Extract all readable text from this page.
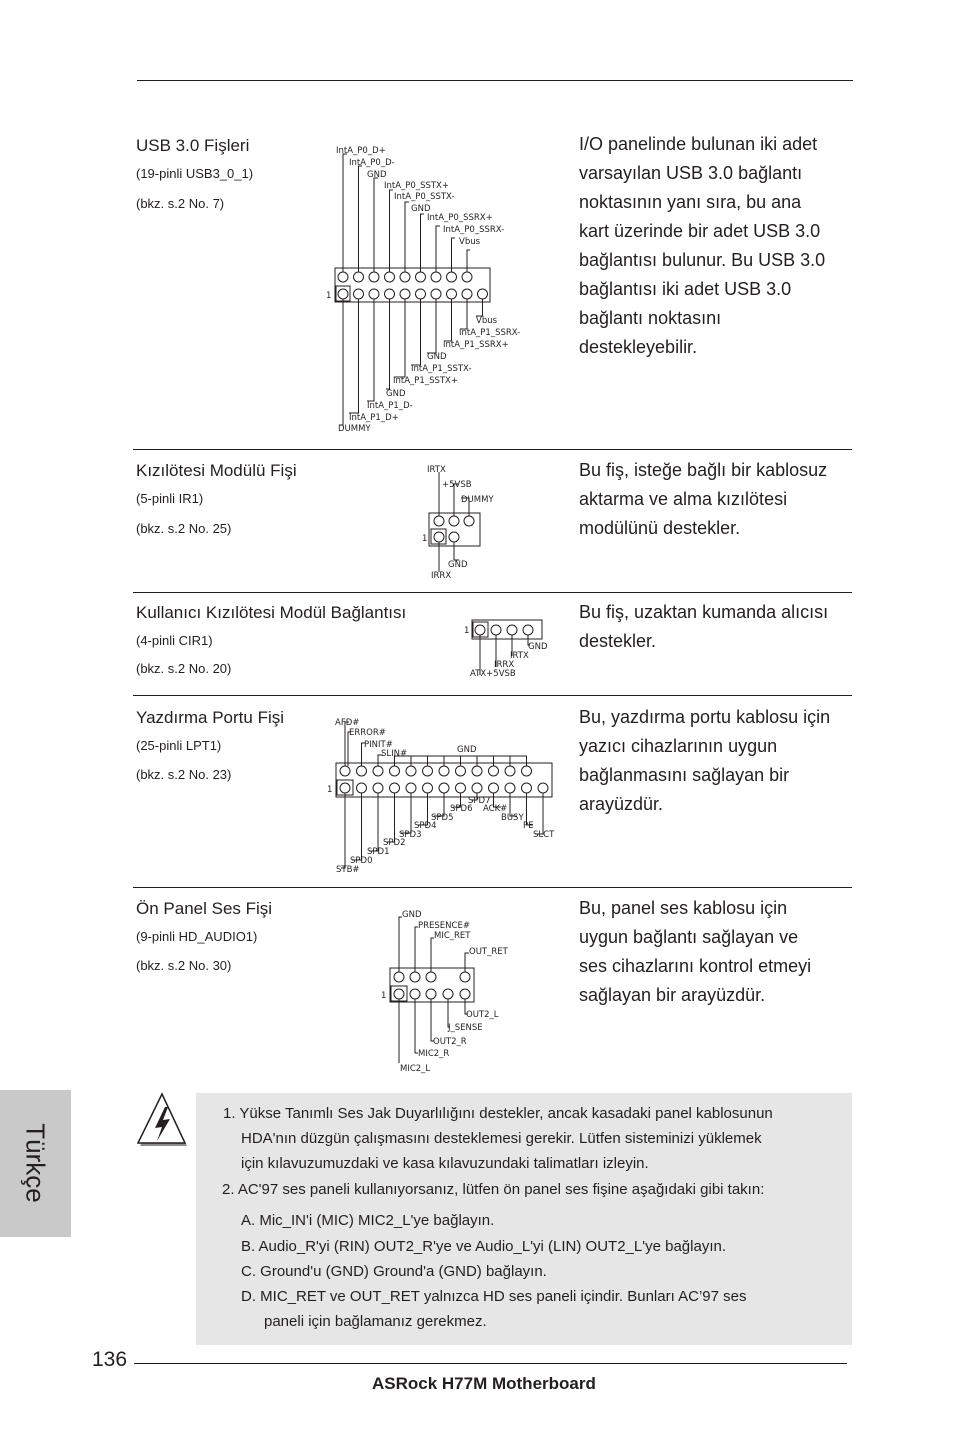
USB 3.0 Fişleri
(19-pinli USB3_0_1)
(bkz. s.2 No. 7)
I/O panelinde bulunan iki adet
varsayılan USB 3.0 bağlantı
noktasının yanı sıra, bu ana
kart üzerinde bir adet USB 3.0
bağlantısı bulunur. Bu USB 3.0
bağlantısı iki adet USB 3.0
bağlantı noktasını
destekleyebilir.
1
IntA_P0_D+
IntA_P0_D-
GND
IntA_P0_SSTX+
IntA_P0_SSTX-
GND
IntA_P0_SSRX+
IntA_P0_SSRX-
Vbus
Vbus
IntA_P1_SSRX-
IntA_P1_SSRX+
GND
IntA_P1_SSTX-
IntA_P1_SSTX+
GND
IntA_P1_D-
IntA_P1_D+
DUMMY
Kızılötesi Modülü Fişi
(5-pinli IR1)
(bkz. s.2 No. 25)
Bu fiş, isteğe bağlı bir kablosuz
aktarma ve alma kızılötesi
modülünü destekler.
1
IRTX
+5VSB
DUMMY
GND
IRRX
Kullanıcı Kızılötesi Modül Bağlantısı
(4-pinli CIR1)
(bkz. s.2 No. 20)
Bu fiş, uzaktan kumanda alıcısı
destekler.
1
GND
IRTX
IRRX
ATX+5VSB
Yazdırma Portu Fişi
(25-pinli LPT1)
(bkz. s.2 No. 23)
Bu, yazdırma portu kablosu için
yazıcı cihazlarının uygun
bağlanmasını sağlayan bir
arayüzdür.
1
AFD#
ERROR#
PINIT#
SLIN#	GND
SPD7
SPD6 ACK#
SPD5	BUSY
SPD4	PE
SPD3	SLCT
SPD2
SPD1
SPD0
STB#
Ön Panel Ses Fişi
(9-pinli HD_AUDIO1)
(bkz. s.2 No. 30)
Bu, panel ses kablosu için
uygun bağlantı sağlayan ve
ses cihazlarını kontrol etmeyi
sağlayan bir arayüzdür.
1
GND
PRESENCE#
MIC_RET
OUT_RET
OUT2_L
J_SENSE
OUT2_R
MIC2_R
MIC2_L
Türkçe
1. Yükse Tanımlı Ses Jak Duyarlılığını destekler, ancak kasadaki panel kablosunun
HDA'nın düzgün çalışmasını desteklemesi gerekir. Lütfen sisteminizi yüklemek
için kılavuzumuzdaki ve kasa kılavuzundaki talimatları izleyin.
2. AC'97 ses paneli kullanıyorsanız, lütfen ön panel ses fişine aşağıdaki gibi takın:
A. Mic_IN'i (MIC) MIC2_L'ye bağlayın.
B. Audio_R'yi (RIN) OUT2_R'ye ve Audio_L'yi (LIN) OUT2_L'ye bağlayın.
C. Ground'u (GND) Ground'a (GND) bağlayın.
D. MIC_RET ve OUT_RET yalnızca HD ses paneli içindir. Bunları AC’97 ses
paneli için bağlamanız gerekmez.
136
ASRock H77M Motherboard
